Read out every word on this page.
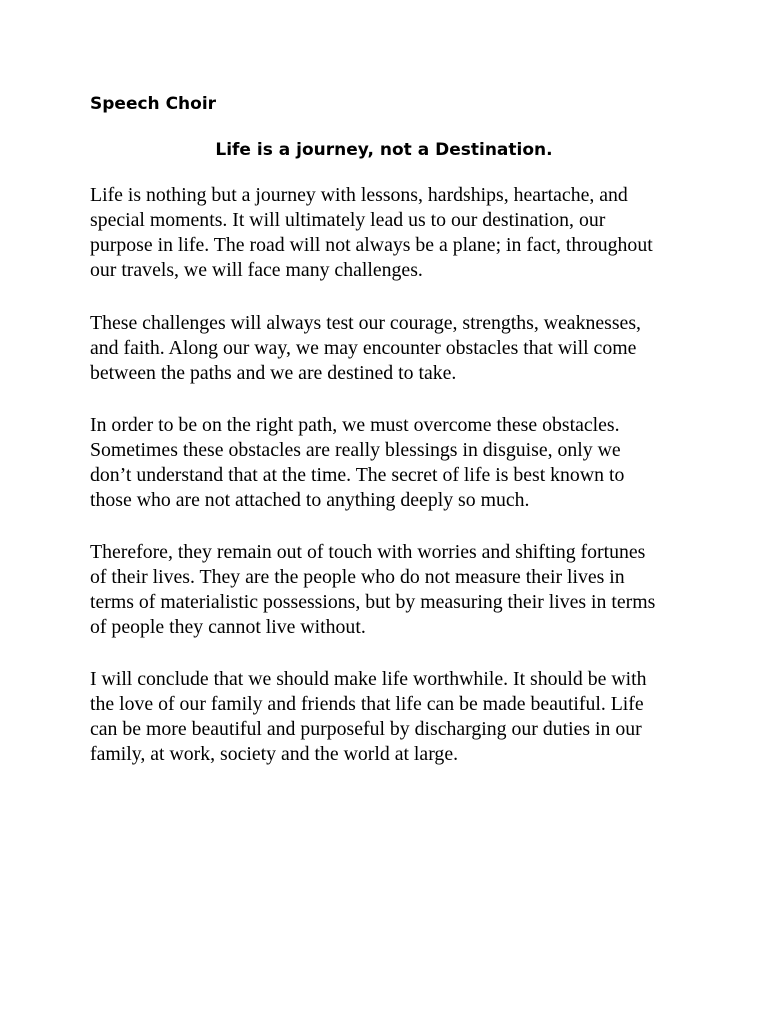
Speech Choir
Life is a journey, not a Destination.

Life is nothing but a journey with lessons, hardships, heartache, and
special moments. It will ultimately lead us to our destination, our
purpose in life. The road will not always be a plane; in fact, throughout
our travels, we will face many challenges.

These challenges will always test our courage, strengths, weaknesses,
and faith. Along our way, we may encounter obstacles that will come
between the paths and we are destined to take.

In order to be on the right path, we must overcome these obstacles.
Sometimes these obstacles are really blessings in disguise, only we
don’t understand that at the time. The secret of life is best known to
those who are not attached to anything deeply so much.

Therefore, they remain out of touch with worries and shifting fortunes
of their lives. They are the people who do not measure their lives in
terms of materialistic possessions, but by measuring their lives in terms
of people they cannot live without.

I will conclude that we should make life worthwhile. It should be with
the love of our family and friends that life can be made beautiful. Life
can be more beautiful and purposeful by discharging our duties in our
family, at work, society and the world at large.
